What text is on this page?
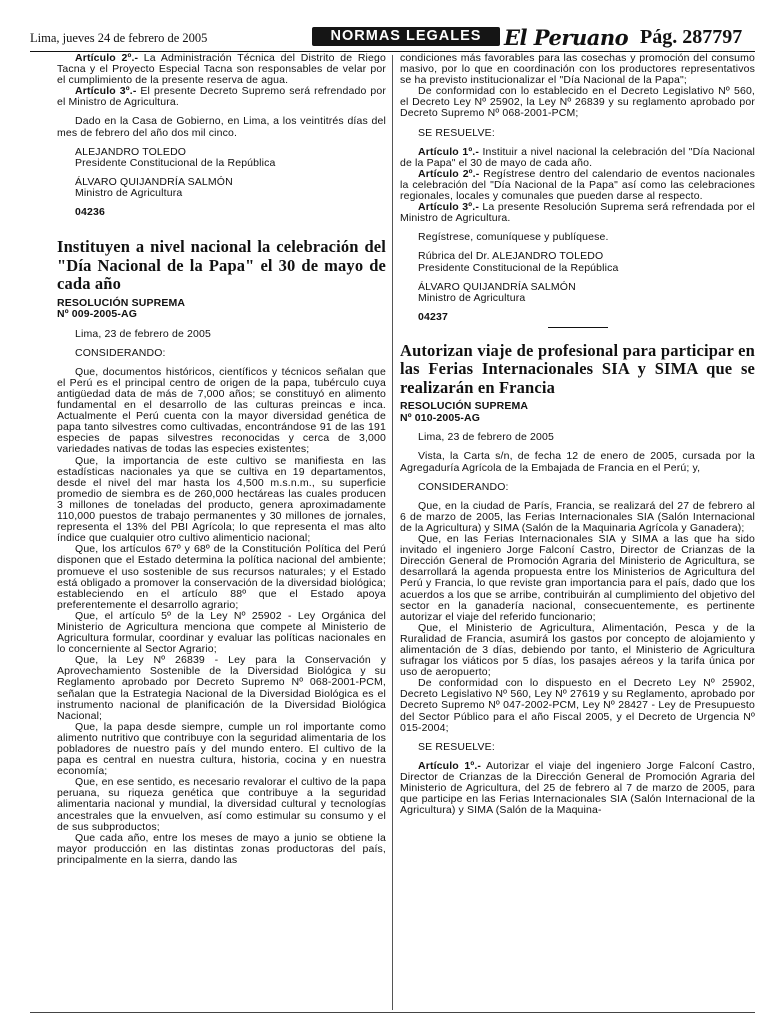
Lima, jueves 24 de febrero de 2005	NORMAS LEGALES	El Peruano Pág. 287797

Artículo 2º.- La Administración Técnica del Distrito de Riego Tacna y el Proyecto Especial Tacna son responsables de velar por el cumplimiento de la presente reserva de agua.

Artículo 3º.- El presente Decreto Supremo será refrendado por el Ministro de Agricultura.

Dado en la Casa de Gobierno, en Lima, a los veintitrés días del mes de febrero del año dos mil cinco.

ALEJANDRO TOLEDO

Presidente Constitucional de la República

ÁLVARO QUIJANDRÍA SALMÓN

Ministro de Agricultura

04236

Instituyen a nivel nacional la celebración del "Día Nacional de la Papa" el 30 de mayo de cada año

RESOLUCIÓN SUPREMA

Nº 009-2005-AG

Lima, 23 de febrero de 2005

CONSIDERANDO:

Que, documentos históricos, científicos y técnicos señalan que el Perú es el principal centro de origen de la papa, tubérculo cuya antigüedad data de más de 7,000 años; se constituyó en alimento fundamental en el desarrollo de las culturas preincas e inca. Actualmente el Perú cuenta con la mayor diversidad genética de papa tanto silvestres como cultivadas, encontrándose 91 de las 191 especies de papas silvestres reconocidas y cerca de 3,000 variedades nativas de todas las especies existentes;

Que, la importancia de este cultivo se manifiesta en las estadísticas nacionales ya que se cultiva en 19 departamentos, desde el nivel del mar hasta los 4,500 m.s.n.m., su superficie promedio de siembra es de 260,000 hectáreas las cuales producen 3 millones de toneladas del producto, genera aproximadamente 110,000 puestos de trabajo permanentes y 30 millones de jornales, representa el 13% del PBI Agrícola; lo que representa el mas alto índice que cualquier otro cultivo alimenticio nacional;

Que, los artículos 67º y 68º de la Constitución Política del Perú disponen que el Estado determina la política nacional del ambiente; promueve el uso sostenible de sus recursos naturales; y el Estado está obligado a promover la conservación de la diversidad biológica; estableciendo en el artículo 88º que el Estado apoya preferentemente el desarrollo agrario;

Que, el artículo 5º de la Ley Nº 25902 - Ley Orgánica del Ministerio de Agricultura menciona que compete al Ministerio de Agricultura formular, coordinar y evaluar las políticas nacionales en lo concerniente al Sector Agrario;

Que, la Ley Nº 26839 - Ley para la Conservación y Aprovechamiento Sostenible de la Diversidad Biológica y su Reglamento aprobado por Decreto Supremo Nº 068-2001-PCM, señalan que la Estrategia Nacional de la Diversidad Biológica es el instrumento nacional de planificación de la Diversidad Biológica Nacional;

Que, la papa desde siempre, cumple un rol importante como alimento nutritivo que contribuye con la seguridad alimentaria de los pobladores de nuestro país y del mundo entero. El cultivo de la papa es central en nuestra cultura, historia, cocina y en nuestra economía;

Que, en ese sentido, es necesario revalorar el cultivo de la papa peruana, su riqueza genética que contribuye a la seguridad alimentaria nacional y mundial, la diversidad cultural y tecnologías ancestrales que la envuelven, así como estimular su consumo y el de sus subproductos;

Que cada año, entre los meses de mayo a junio se obtiene la mayor producción en las distintas zonas productoras del país, principalmente en la sierra, dando las

condiciones más favorables para las cosechas y promoción del consumo masivo, por lo que en coordinación con los productores representativos se ha previsto institucionalizar el "Día Nacional de la Papa";

De conformidad con lo establecido en el Decreto Legislativo Nº 560, el Decreto Ley Nº 25902, la Ley Nº 26839 y su reglamento aprobado por Decreto Supremo Nº 068-2001-PCM;

SE RESUELVE:

Artículo 1º.- Instituir a nivel nacional la celebración del "Día Nacional de la Papa" el 30 de mayo de cada año.

Artículo 2º.- Regístrese dentro del calendario de eventos nacionales la celebración del "Día Nacional de la Papa" así como las celebraciones regionales, locales y comunales que pueden darse al respecto.

Artículo 3º.- La presente Resolución Suprema será refrendada por el Ministro de Agricultura.

Regístrese, comuníquese y publíquese.

Rúbrica del Dr. ALEJANDRO TOLEDO

Presidente Constitucional de la República

ÁLVARO QUIJANDRÍA SALMÓN

Ministro de Agricultura

04237

Autorizan viaje de profesional para participar en las Ferias Internacionales SIA y SIMA que se realizarán en Francia

RESOLUCIÓN SUPREMA

Nº 010-2005-AG

Lima, 23 de febrero de 2005

Vista, la Carta s/n, de fecha 12 de enero de 2005, cursada por la Agregaduría Agrícola de la Embajada de Francia en el Perú; y,

CONSIDERANDO:

Que, en la ciudad de París, Francia, se realizará del 27 de febrero al 6 de marzo de 2005, las Ferias Internacionales SIA (Salón Internacional de la Agricultura) y SIMA (Salón de la Maquinaria Agrícola y Ganadera);

Que, en las Ferias Internacionales SIA y SIMA a las que ha sido invitado el ingeniero Jorge Falconí Castro, Director de Crianzas de la Dirección General de Promoción Agraria del Ministerio de Agricultura, se desarrollará la agenda propuesta entre los Ministerios de Agricultura del Perú y Francia, lo que reviste gran importancia para el país, dado que los acuerdos a los que se arribe, contribuirán al cumplimiento del objetivo del sector en la ganadería nacional, consecuentemente, es pertinente autorizar el viaje del referido funcionario;

Que, el Ministerio de Agricultura, Alimentación, Pesca y de la Ruralidad de Francia, asumirá los gastos por concepto de alojamiento y alimentación de 3 días, debiendo por tanto, el Ministerio de Agricultura sufragar los viáticos por 5 días, los pasajes aéreos y la tarifa única por uso de aeropuerto;

De conformidad con lo dispuesto en el Decreto Ley Nº 25902, Decreto Legislativo Nº 560, Ley Nº 27619 y su Reglamento, aprobado por Decreto Supremo Nº 047-2002-PCM, Ley Nº 28427 - Ley de Presupuesto del Sector Público para el año Fiscal 2005, y el Decreto de Urgencia Nº 015-2004;

SE RESUELVE:

Artículo 1º.- Autorizar el viaje del ingeniero Jorge Falconí Castro, Director de Crianzas de la Dirección General de Promoción Agraria del Ministerio de Agricultura, del 25 de febrero al 7 de marzo de 2005, para que participe en las Ferias Internacionales SIA (Salón Internacional de la Agricultura) y SIMA (Salón de la Maquina-
